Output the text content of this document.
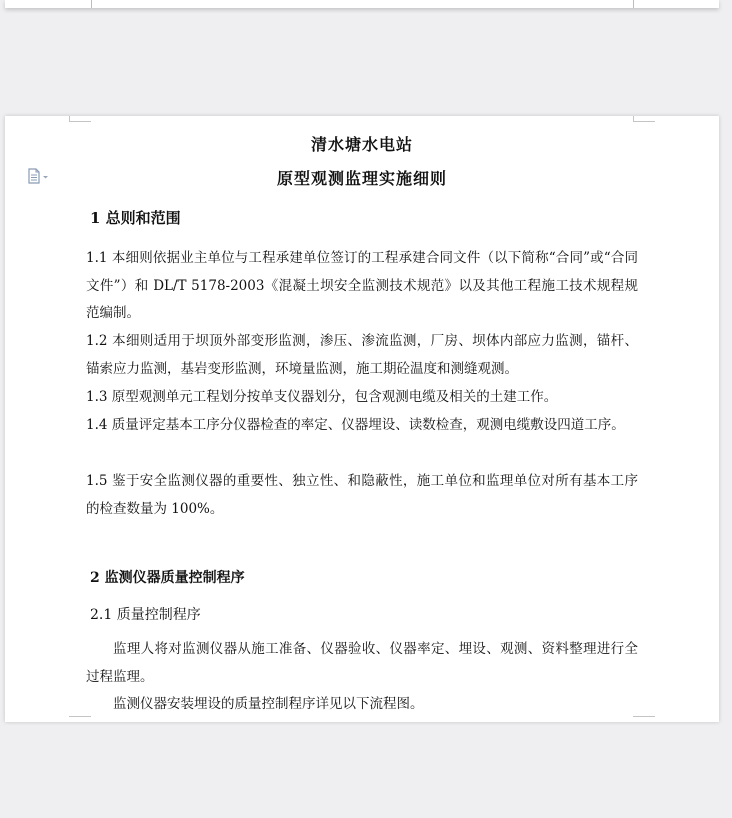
清水塘水电站
原型观测监理实施细则
1 总则和范围
1.1 本细则依据业主单位与工程承建单位签订的工程承建合同文件（以下简称“合同”或“合同文件”）和 DL/T 5178-2003《混凝土坝安全监测技术规范》以及其他工程施工技术规程规范编制。
1.2 本细则适用于坝顶外部变形监测，渗压、渗流监测，厂房、坝体内部应力监测，锚杆、锚索应力监测，基岩变形监测，环境量监测，施工期砼温度和测缝观测。
1.3 原型观测单元工程划分按单支仪器划分，包含观测电缆及相关的土建工作。
1.4 质量评定基本工序分仪器检查的率定、仪器埋设、读数检查，观测电缆敷设四道工序。
1.5 鉴于安全监测仪器的重要性、独立性、和隐蔽性，施工单位和监理单位对所有基本工序的检查数量为 100%。
2 监测仪器质量控制程序
2.1 质量控制程序
监理人将对监测仪器从施工准备、仪器验收、仪器率定、埋设、观测、资料整理进行全过程监理。
监测仪器安装埋设的质量控制程序详见以下流程图。
